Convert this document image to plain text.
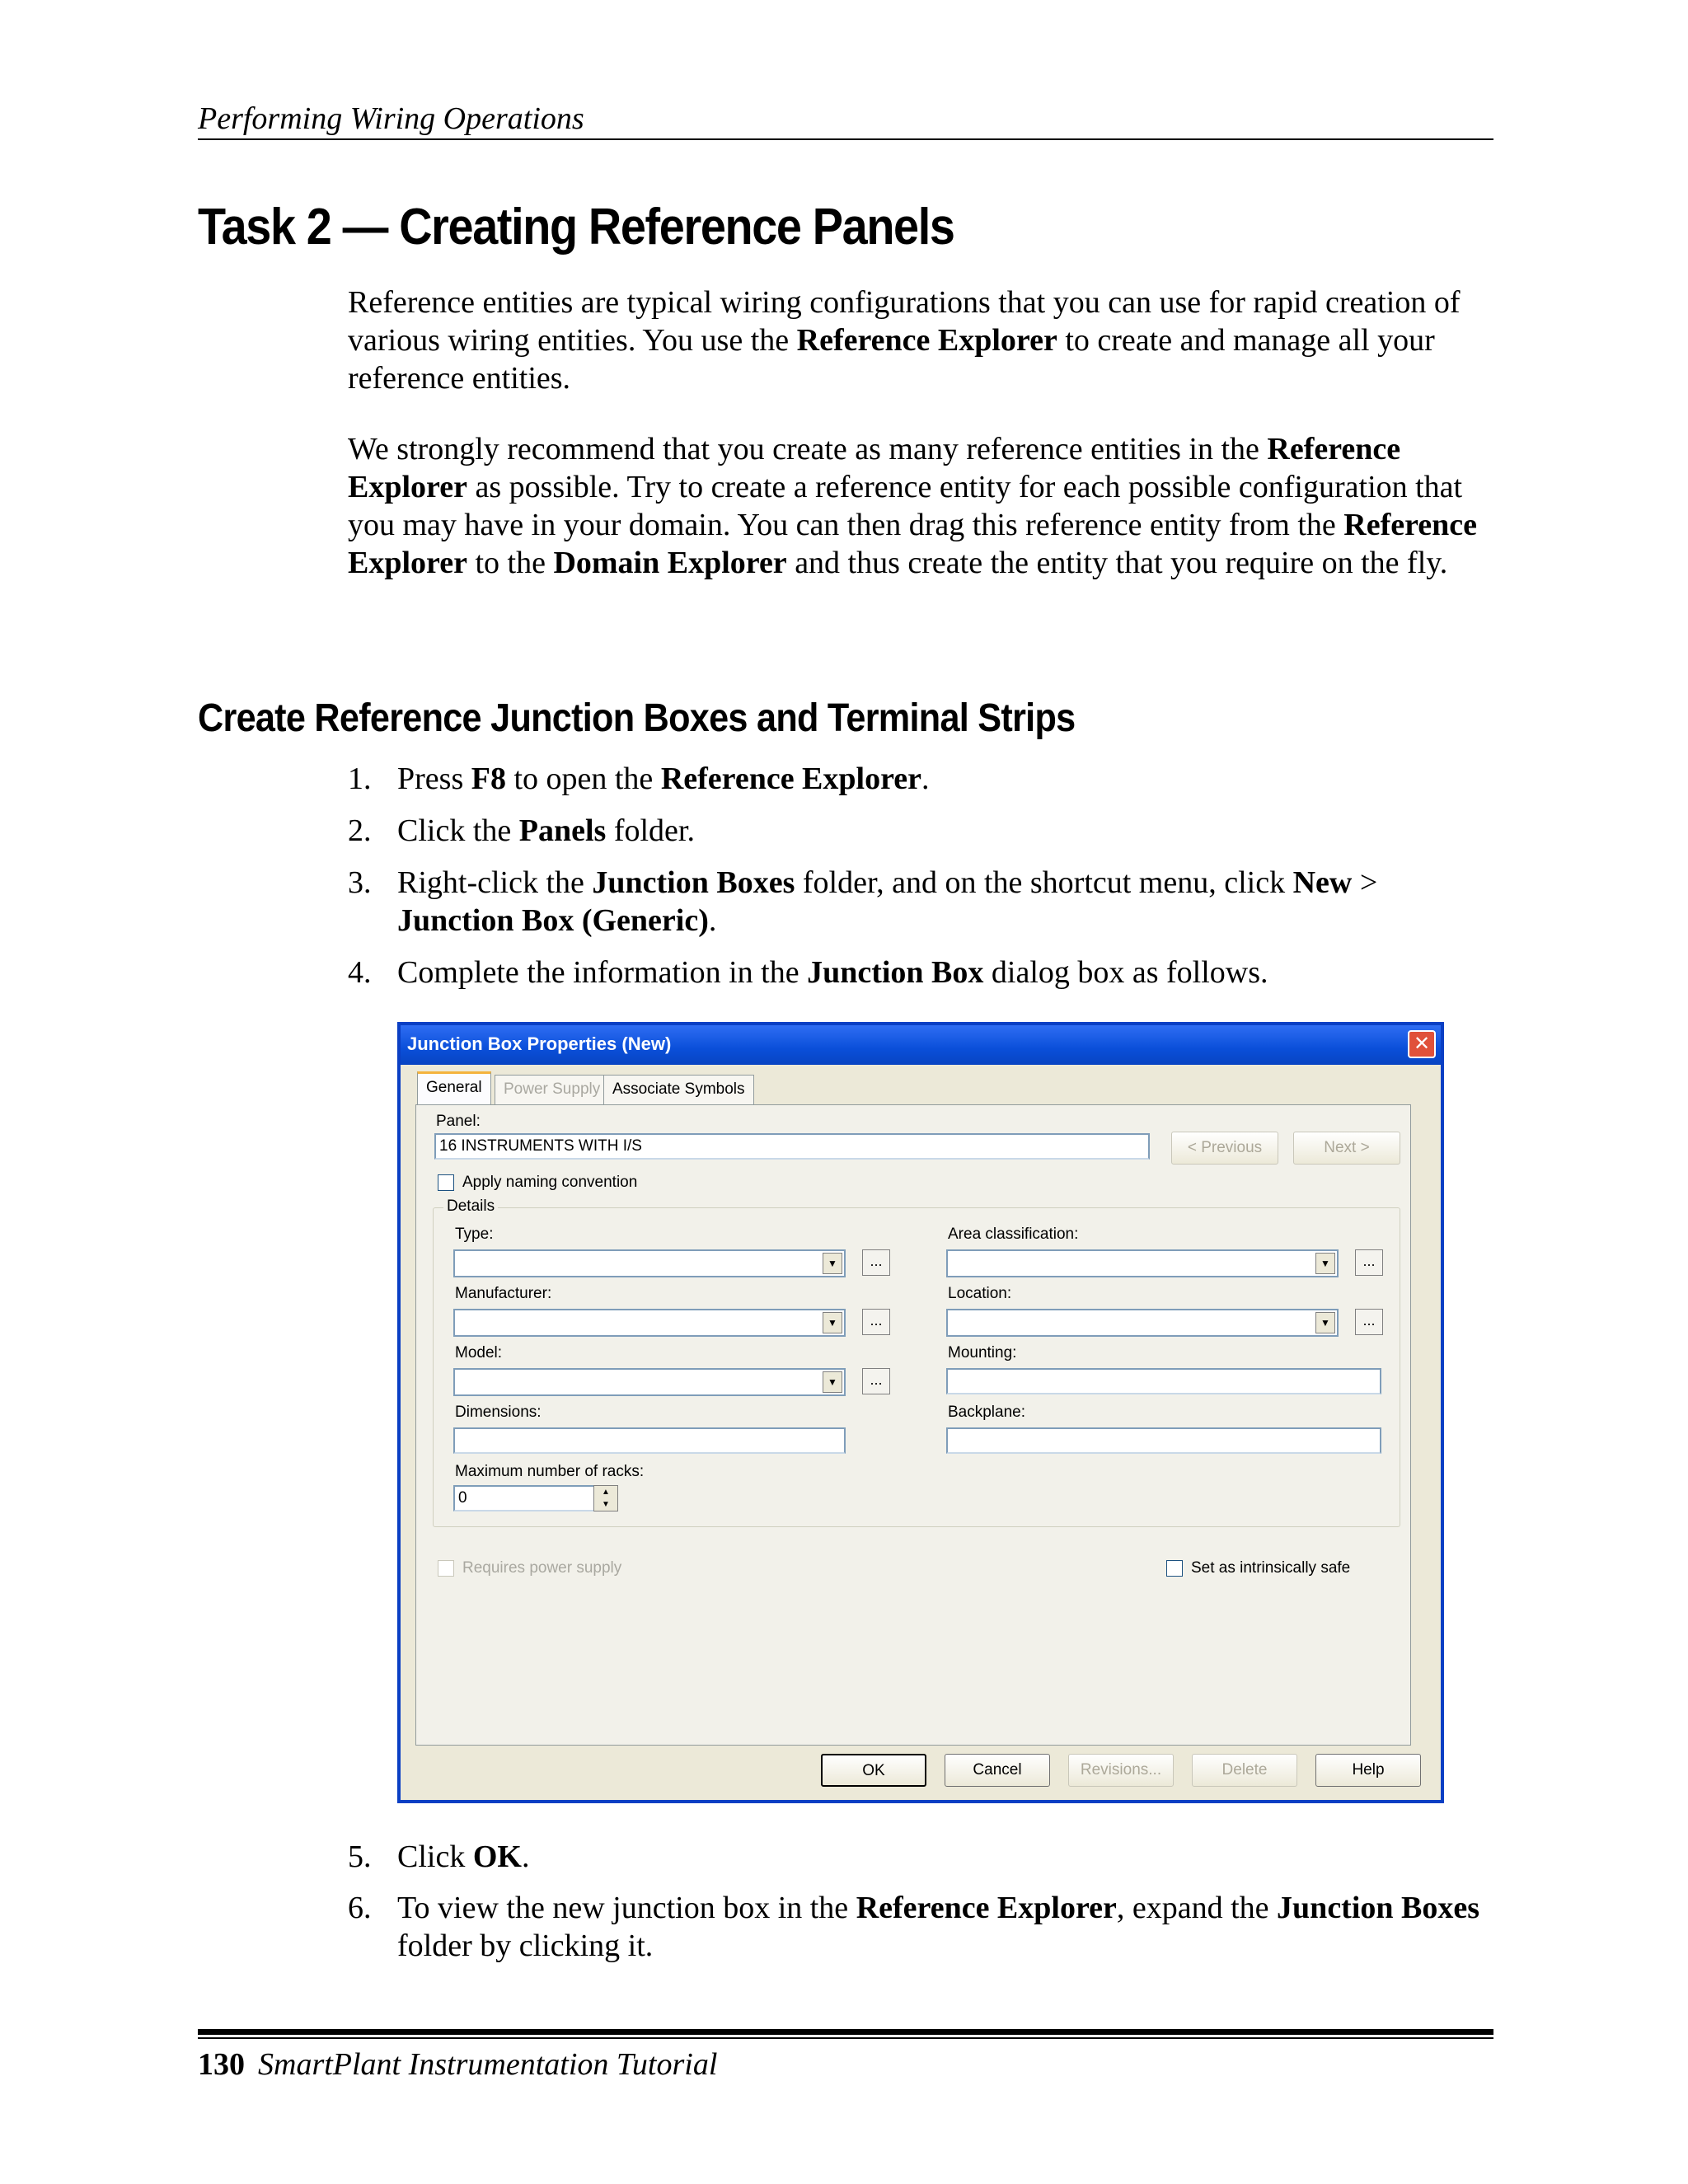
Performing Wiring Operations
Task 2 — Creating Reference Panels
Reference entities are typical wiring configurations that you can use for rapid creation of various wiring entities. You use the Reference Explorer to create and manage all your reference entities.
We strongly recommend that you create as many reference entities in the Reference Explorer as possible. Try to create a reference entity for each possible configuration that you may have in your domain. You can then drag this reference entity from the Reference Explorer to the Domain Explorer and thus create the entity that you require on the fly.
Create Reference Junction Boxes and Terminal Strips
1. Press F8 to open the Reference Explorer.
2. Click the Panels folder.
3. Right-click the Junction Boxes folder, and on the shortcut menu, click New > Junction Box (Generic).
4. Complete the information in the Junction Box dialog box as follows.
Junction Box Properties (New)	✕
General	Power Supply Associate Symbols
Panel:
16 INSTRUMENTS WITH I/S	< Previous	Next >
Apply naming convention
Details
Type:
▼	...
Manufacturer:
▼	...
Model:
▼	...
Dimensions:
Maximum number of racks:
0	▲
▼
Area classification:
▼	...
Location:
▼	...
Mounting:
Backplane:
Requires power supply	Set as intrinsically safe
OK	Cancel	Revisions...	Delete	Help
5. Click OK.
6. To view the new junction box in the Reference Explorer, expand the Junction Boxes folder by clicking it.
130 SmartPlant Instrumentation Tutorial
